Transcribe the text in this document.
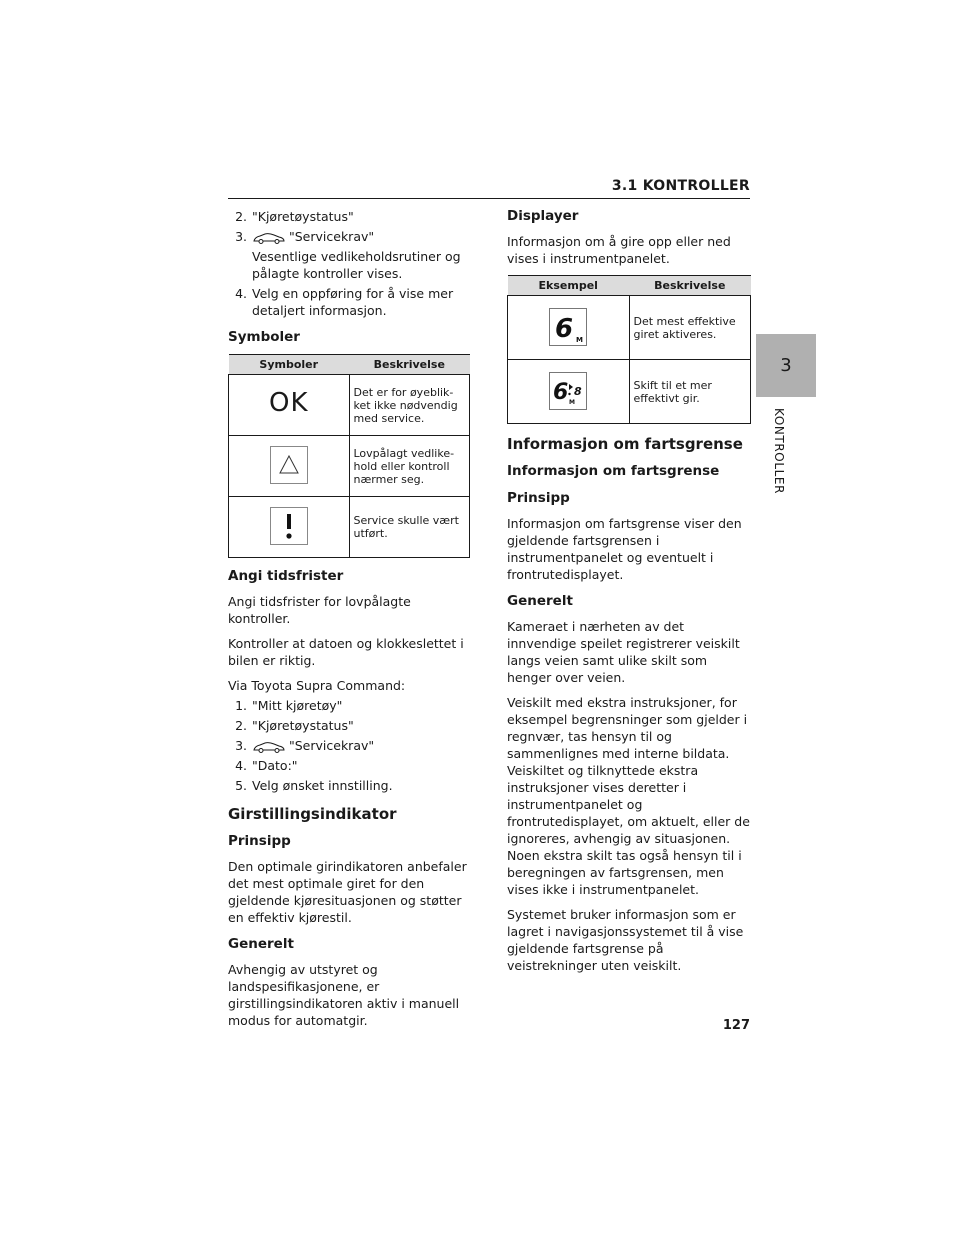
3.1 KONTROLLER
3
KONTROLLER
2. "Kjøretøystatus"
3.	"Servicekrav"

Vesentlige vedlikeholdsrutiner og pålagte kontroller vises.

4. Velg en oppføring for å vise mer detaljert informasjon.
Symboler
Symboler	Beskrivelse
OK	Det er for øyeblik-ket ikke nødvendig med service.
	Lovpålagt vedlike-hold eller kontroll nærmer seg.
	Service skulle vært utført.
Angi tidsfrister

Angi tidsfrister for lovpålagte kontroller.

Kontroller at datoen og klokkeslettet i bilen er riktig.

Via Toyota Supra Command:

1. "Mitt kjøretøy"
2. "Kjøretøystatus"
3.	"Servicekrav"
4. "Dato:"
5. Velg ønsket innstilling.
Girstillingsindikator
Prinsipp

Den optimale girindikatoren anbefaler det mest optimale giret for den gjeldende kjøresituasjonen og støtter en effektiv kjørestil.

Generelt

Avhengig av utstyret og landspesifikasjonene, er girstillingsindikatoren aktiv i manuell modus for automatgir.

Displayer

Informasjon om å gire opp eller ned vises i instrumentpanelet.

Eksempel	Beskrivelse

6 M	Det mest effektive giret aktiveres.

6 8
M	Skift til et mer effektivt gir.
Informasjon om fartsgrense
Informasjon om fartsgrense
Prinsipp

Informasjon om fartsgrense viser den gjeldende fartsgrensen i instrumentpanelet og eventuelt i frontrutedisplayet.

Generelt

Kameraet i nærheten av det innvendige speilet registrerer veiskilt langs veien samt ulike skilt som henger over veien.

Veiskilt med ekstra instruksjoner, for eksempel begrensninger som gjelder i regnvær, tas hensyn til og sammenlignes med interne bildata. Veiskiltet og tilknyttede ekstra instruksjoner vises deretter i instrumentpanelet og frontrutedisplayet, om aktuelt, eller de ignoreres, avhengig av situasjonen. Noen ekstra skilt tas også hensyn til i beregningen av fartsgrensen, men vises ikke i instrumentpanelet.

Systemet bruker informasjon som er lagret i navigasjonssystemet til å vise gjeldende fartsgrense på veistrekninger uten veiskilt.

127
